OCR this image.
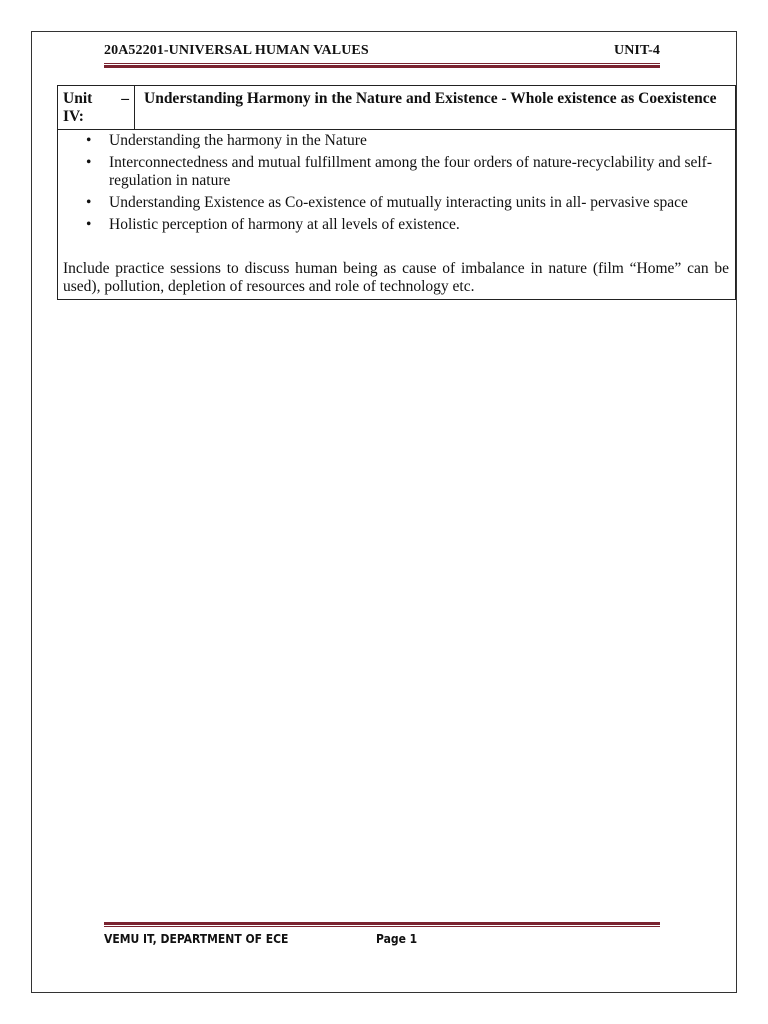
20A52201-UNIVERSAL HUMAN VALUES	UNIT-4
Unit –
IV:
Understanding Harmony in the Nature and Existence - Whole existence as Coexistence
• Understanding the harmony in the Nature
• Interconnectedness and mutual fulfillment among the four orders of nature-recyclability and self-regulation in nature
• Understanding Existence as Co-existence of mutually interacting units in all- pervasive space
• Holistic perception of harmony at all levels of existence.
Include practice sessions to discuss human being as cause of imbalance in nature (film “Home” can be used), pollution, depletion of resources and role of technology etc.
VEMU IT, DEPARTMENT OF ECE	Page 1
